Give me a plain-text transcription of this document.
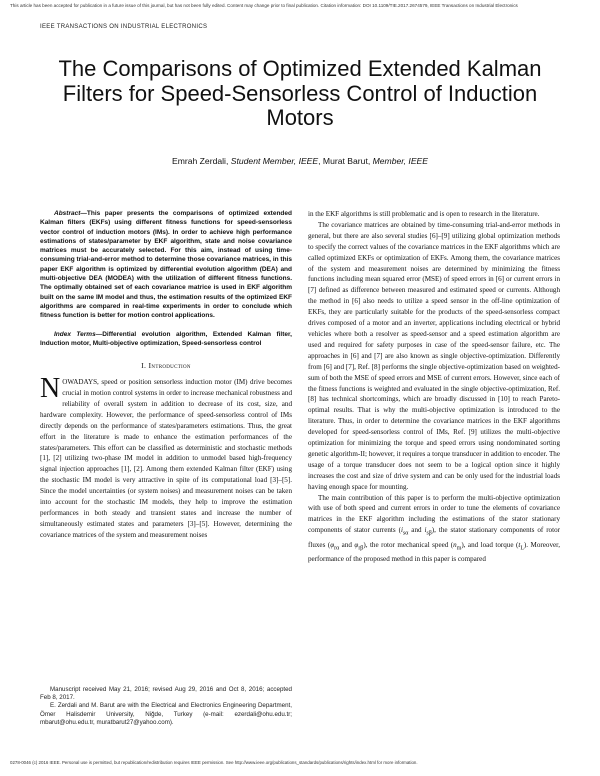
This article has been accepted for publication in a future issue of this journal, but has not been fully edited. Content may change prior to final publication. Citation information: DOI 10.1109/TIE.2017.2674579, IEEE Transactions on Industrial Electronics
IEEE TRANSACTIONS ON INDUSTRIAL ELECTRONICS
The Comparisons of Optimized Extended Kalman Filters for Speed-Sensorless Control of Induction Motors
Emrah Zerdali, Student Member, IEEE, Murat Barut, Member, IEEE

Abstract—This paper presents the comparisons of optimized extended Kalman filters (EKFs) using different fitness functions for speed-sensorless vector control of induction motors (IMs). In order to achieve high performance estimations of states/parameter by EKF algorithm, state and noise covariance matrices must be accurately selected. For this aim, instead of using time-consuming trial-and-error method to determine those covariance matrices, in this paper EKF algorithm is optimized by differential evolution algorithm (DEA) and multi-objective DEA (MODEA) with the utilization of different fitness functions. The optimally obtained set of each covariance matrice is used in EKF algorithm built on the same IM model and thus, the estimation results of the optimized EKF algorithms are compared in real-time experiments in order to conclude which fitness function is better for motion control applications.

Index Terms—Differential evolution algorithm, Extended Kalman filter, Induction motor, Multi-objective optimization, Speed-sensorless control

I. Introduction

NOWADAYS, speed or position sensorless induction motor (IM) drive becomes crucial in motion control systems in order to increase mechanical robustness and reliability of overall system in addition to decrease of its cost, size, and hardware complexity. However, the performance of speed-sensorless control of IMs directly depends on the performance of states/parameters estimations. Thus, the great effort in the literature is made to enhance the estimation performances of the states/parameters. This effort can be classified as deterministic and stochastic methods [1], [2] utilizing two-phase IM model in addition to unmodel based high-frequency signal injection approaches [1], [2]. Among them extended Kalman filter (EKF) using the stochastic IM model is very attractive in spite of its computational load [3]–[5]. Since the model uncertainties (or system noises) and measurement noises can be taken into account for the stochastic IM models, they help to improve the estimation performances in both steady and transient states and increase the number of simultaneously estimated states and parameters [3]–[5]. However, determining the covariance matrices of the system and measurement noises

Manuscript received May 21, 2016; revised Aug 29, 2016 and Oct 8, 2016; accepted Feb 8, 2017.

E. Zerdali and M. Barut are with the Electrical and Electronics Engineering Department, Ömer Halisdemir University, Niğde, Turkey (e-mail: ezerdali@ohu.edu.tr; mbarut@ohu.edu.tr, muratbarut27@yahoo.com).

in the EKF algorithms is still problematic and is open to research in the literature.

The covariance matrices are obtained by time-consuming trial-and-error methods in general, but there are also several studies [6]–[9] utilizing global optimization methods to specify the correct values of the covariance matrices in the EKF algorithms which are called optimized EKFs or optimization of EKFs. Among them, the covariance matrices of the system and measurement noises are determined by minimizing the fitness functions including mean squared error (MSE) of speed errors in [6] or current errors in [7] defined as difference between measured and estimated speed or currents. Although the method in [6] also needs to utilize a speed sensor in the off-line optimization of EKFs, they are particularly suitable for the products of the speed-sensorless compact drives composed of a motor and an inverter, applications including electrical or hybrid vehicles where both a resolver as speed-sensor and a speed estimation algorithm are used and required for safety purposes in case of the speed-sensor failure, etc. The approaches in [6] and [7] are also known as single objective-optimization. Differently from [6] and [7], Ref. [8] performs the single objective-optimization based on weighted-sum of both the MSE of speed errors and MSE of current errors. However, since each of the fitness functions is weighted and evaluated in the single objective-optimization, Ref. [8] has technical shortcomings, which are broadly discussed in [10] to reach Pareto-optimal results. That is why the multi-objective optimization is introduced to the literature. Thus, in order to determine the covariance matrices in the EKF algorithms developed for speed-sensorless control of IMs, Ref. [9] utilizes the multi-objective optimization for minimizing the torque and speed errors using nondominated sorting genetic algorithm-II; however, it requires a torque transducer in addition to encoder. The usage of a torque transducer does not seem to be a logical option since it highly increases the cost and size of drive system and can be only used for the industrial loads having enough space for mounting.

The main contribution of this paper is to perform the multi-objective optimization with use of both speed and current errors in order to tune the elements of covariance matrices in the EKF algorithm including the estimations of the stator stationary components of stator currents ($i_{s\alpha}$ and $i_{s\beta}$), the stator stationary components of rotor fluxes ($\varphi_{r\alpha}$ and $\varphi_{r\beta}$), the rotor mechanical speed $(n_m)$, and load torque $(t_L)$. Moreover, performance of the proposed method in this paper is compared

0278-0046 (c) 2016 IEEE. Personal use is permitted, but republication/redistribution requires IEEE permission. See http://www.ieee.org/publications_standards/publications/rights/index.html for more information.
